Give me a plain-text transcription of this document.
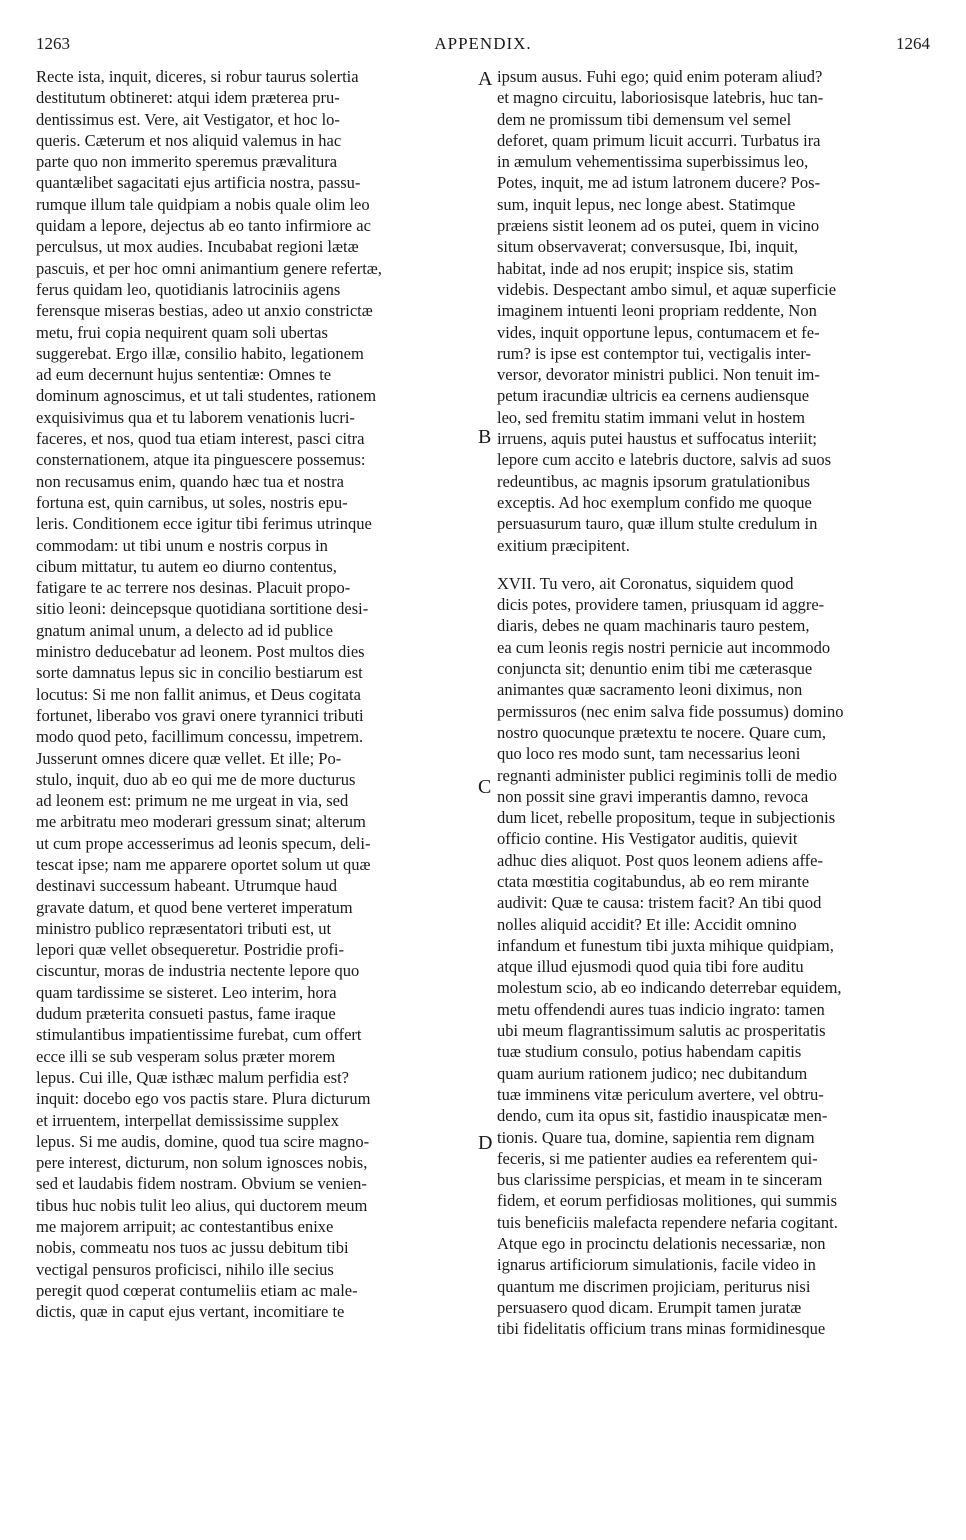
1263	APPENDIX.	1264
Recte ista, inquit, diceres, si robur taurus solertia
destitutum obtineret: atqui idem præterea pru-
dentissimus est. Vere, ait Vestigator, et hoc lo-
queris. Cæterum et nos aliquid valemus in hac
parte quo non immerito speremus prævalitura
quantælibet sagacitati ejus artificia nostra, passu-
rumque illum tale quidpiam a nobis quale olim leo
quidam a lepore, dejectus ab eo tanto infirmiore ac
perculsus, ut mox audies. Incubabat regioni lætæ
pascuis, et per hoc omni animantium genere refertæ,
ferus quidam leo, quotidianis latrociniis agens
ferensque miseras bestias, adeo ut anxio constrictæ
metu, frui copia nequirent quam soli ubertas
suggerebat. Ergo illæ, consilio habito, legationem
ad eum decernunt hujus sententiæ: Omnes te
dominum agnoscimus, et ut tali studentes, rationem
exquisivimus qua et tu laborem venationis lucri-
faceres, et nos, quod tua etiam interest, pasci citra
consternationem, atque ita pinguescere possemus:
non recusamus enim, quando hæc tua et nostra
fortuna est, quin carnibus, ut soles, nostris epu-
leris. Conditionem ecce igitur tibi ferimus utrinque
commodam: ut tibi unum e nostris corpus in
cibum mittatur, tu autem eo diurno contentus,
fatigare te ac terrere nos desinas. Placuit propo-
sitio leoni: deincepsque quotidiana sortitione desi-
gnatum animal unum, a delecto ad id publice
ministro deducebatur ad leonem. Post multos dies
sorte damnatus lepus sic in concilio bestiarum est
locutus: Si me non fallit animus, et Deus cogitata
fortunet, liberabo vos gravi onere tyrannici tributi
modo quod peto, facillimum concessu, impetrem.
Jusserunt omnes dicere quæ vellet. Et ille; Po-
stulo, inquit, duo ab eo qui me de more ducturus
ad leonem est: primum ne me urgeat in via, sed
me arbitratu meo moderari gressum sinat; alterum
ut cum prope accesserimus ad leonis specum, deli-
tescat ipse; nam me apparere oportet solum ut quæ
destinavi successum habeant. Utrumque haud
gravate datum, et quod bene verteret imperatum
ministro publico repræsentatori tributi est, ut
lepori quæ vellet obsequeretur. Postridie profi-
ciscuntur, moras de industria nectente lepore quo
quam tardissime se sisteret. Leo interim, hora
dudum præterita consueti pastus, fame iraque
stimulantibus impatientissime furebat, cum offert
ecce illi se sub vesperam solus præter morem
lepus. Cui ille, Quæ isthæc malum perfidia est?
inquit: docebo ego vos pactis stare. Plura dicturum
et irruentem, interpellat demississime supplex
lepus. Si me audis, domine, quod tua scire magno-
pere interest, dicturum, non solum ignosces nobis,
sed et laudabis fidem nostram. Obvium se venien-
tibus huc nobis tulit leo alius, qui ductorem meum
me majorem arripuit; ac contestantibus enixe
nobis, commeatu nos tuos ac jussu debitum tibi
vectigal pensuros proficisci, nihilo ille secius
peregit quod cœperat contumeliis etiam ac male-
dictis, quæ in caput ejus vertant, incomitiare te
ipsum ausus. Fuhi ego; quid enim poteram aliud?
et magno circuitu, laboriosisque latebris, huc tan-
dem ne promissum tibi demensum vel semel
deforet, quam primum licuit accurri. Turbatus ira
in æmulum vehementissima superbissimus leo,
Potes, inquit, me ad istum latronem ducere? Pos-
sum, inquit lepus, nec longe abest. Statimque
præiens sistit leonem ad os putei, quem in vicino
situm observaverat; conversusque, Ibi, inquit,
habitat, inde ad nos erupit; inspice sis, statim
videbis. Despectant ambo simul, et aquæ superficie
imaginem intuenti leoni propriam reddente, Non
vides, inquit opportune lepus, contumacem et fe-
rum? is ipse est contemptor tui, vectigalis inter-
versor, devorator ministri publici. Non tenuit im-
petum iracundiæ ultricis ea cernens audiensque
leo, sed fremitu statim immani velut in hostem
irruens, aquis putei haustus et suffocatus interiit;
lepore cum accito e latebris ductore, salvis ad suos
redeuntibus, ac magnis ipsorum gratulationibus
exceptis. Ad hoc exemplum confido me quoque
persuasurum tauro, quæ illum stulte credulum in
exitium præcipitent.
XVII. Tu vero, ait Coronatus, siquidem quod
dicis potes, providere tamen, priusquam id aggre-
diaris, debes ne quam machinaris tauro pestem,
ea cum leonis regis nostri pernicie aut incommodo
conjuncta sit; denuntio enim tibi me cæterasque
animantes quæ sacramento leoni diximus, non
permissuros (nec enim salva fide possumus) domino
nostro quocunque prætextu te nocere. Quare cum,
quo loco res modo sunt, tam necessarius leoni
regnanti administer publici regiminis tolli de medio
non possit sine gravi imperantis damno, revoca
dum licet, rebelle propositum, teque in subjectionis
officio contine. His Vestigator auditis, quievit
adhuc dies aliquot. Post quos leonem adiens affe-
ctata mœstitia cogitabundus, ab eo rem mirante
audivit: Quæ te causa: tristem facit? An tibi quod
nolles aliquid accidit? Et ille: Accidit omnino
infandum et funestum tibi juxta mihique quidpiam,
atque illud ejusmodi quod quia tibi fore auditu
molestum scio, ab eo indicando deterrebar equidem,
metu offendendi aures tuas indicio ingrato: tamen
ubi meum flagrantissimum salutis ac prosperitatis
tuæ studium consulo, potius habendam capitis
quam aurium rationem judico; nec dubitandum
tuæ imminens vitæ periculum avertere, vel obtru-
dendo, cum ita opus sit, fastidio inauspicatæ men-
tionis. Quare tua, domine, sapientia rem dignam
feceris, si me patienter audies ea referentem qui-
bus clarissime perspicias, et meam in te sinceram
fidem, et eorum perfidiosas molitiones, qui summis
tuis beneficiis malefacta rependere nefaria cogitant.
Atque ego in procinctu delationis necessariæ, non
ignarus artificiorum simulationis, facile video in
quantum me discrimen projiciam, periturus nisi
persuasero quod dicam. Erumpit tamen juratæ
tibi fidelitatis officium trans minas formidinesque
A
B
C
D
